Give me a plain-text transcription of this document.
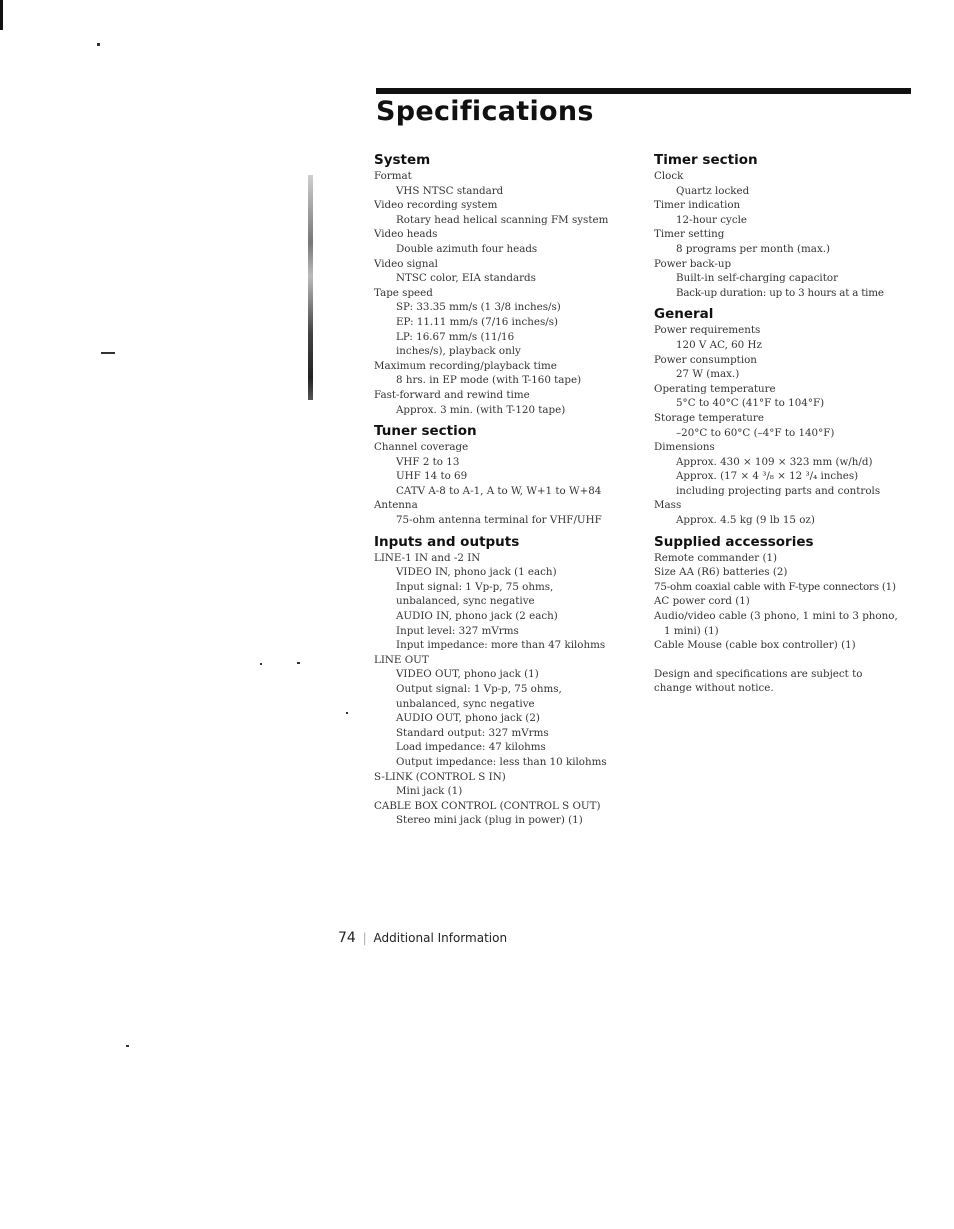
Specifications
System
Format
VHS NTSC standard
Video recording system
Rotary head helical scanning FM system
Video heads
Double azimuth four heads
Video signal
NTSC color, EIA standards
Tape speed
SP: 33.35 mm/s (1 3/8 inches/s)
EP: 11.11 mm/s (7/16 inches/s)
LP: 16.67 mm/s (11/16 inches/s), playback only
Maximum recording/playback time
8 hrs. in EP mode (with T-160 tape)
Fast-forward and rewind time
Approx. 3 min. (with T-120 tape)
Tuner section
Channel coverage
VHF 2 to 13
UHF 14 to 69
CATV A-8 to A-1, A to W, W+1 to W+84
Antenna
75-ohm antenna terminal for VHF/UHF
Inputs and outputs
LINE-1 IN and -2 IN
VIDEO IN, phono jack (1 each)
Input signal: 1 Vp-p, 75 ohms, unbalanced, sync negative
AUDIO IN, phono jack (2 each)
Input level: 327 mVrms
Input impedance: more than 47 kilohms
LINE OUT
VIDEO OUT, phono jack (1)
Output signal: 1 Vp-p, 75 ohms, unbalanced, sync negative
AUDIO OUT, phono jack (2)
Standard output: 327 mVrms
Load impedance: 47 kilohms
Output impedance: less than 10 kilohms
S-LINK (CONTROL S IN)
Mini jack (1)
CABLE BOX CONTROL (CONTROL S OUT)
Stereo mini jack (plug in power) (1)
Timer section
Clock
Quartz locked
Timer indication
12-hour cycle
Timer setting
8 programs per month (max.)
Power back-up
Built-in self-charging capacitor
Back-up duration: up to 3 hours at a time
General
Power requirements
120 V AC, 60 Hz
Power consumption
27 W (max.)
Operating temperature
5°C to 40°C (41°F to 104°F)
Storage temperature
–20°C to 60°C (–4°F to 140°F)
Dimensions
Approx. 430 × 109 × 323 mm (w/h/d)
Approx. (17 × 4 ³/₈ × 12 ³/₄ inches) including projecting parts and controls
Mass
Approx. 4.5 kg (9 lb 15 oz)
Supplied accessories
Remote commander (1)
Size AA (R6) batteries (2)
75-ohm coaxial cable with F-type connectors (1)
AC power cord (1)
Audio/video cable (3 phono, 1 mini to 3 phono, 1 mini) (1)
Cable Mouse (cable box controller) (1)
Design and specifications are subject to change without notice.
74 | Additional Information
